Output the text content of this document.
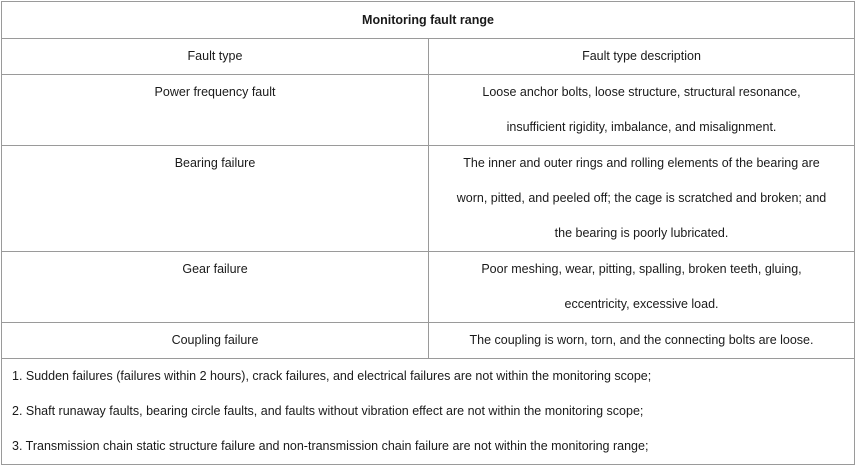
Monitoring fault range	
Fault type	Fault type description
Power frequency fault	Loose anchor bolts, loose structure, structural resonance,
insufficient rigidity, imbalance, and misalignment.

Bearing failure	The inner and outer rings and rolling elements of the bearing are
worn, pitted, and peeled off; the cage is scratched and broken; and
the bearing is poorly lubricated.

Gear failure	Poor meshing, wear, pitting, spalling, broken teeth, gluing,
eccentricity, excessive load.

Coupling failure	The coupling is worn, torn, and the connecting bolts are loose.

1. Sudden failures (failures within 2 hours), crack failures, and electrical failures are not within the monitoring scope;
2. Shaft runaway faults, bearing circle faults, and faults without vibration effect are not within the monitoring scope;
3. Transmission chain static structure failure and non-transmission chain failure are not within the monitoring range;	
